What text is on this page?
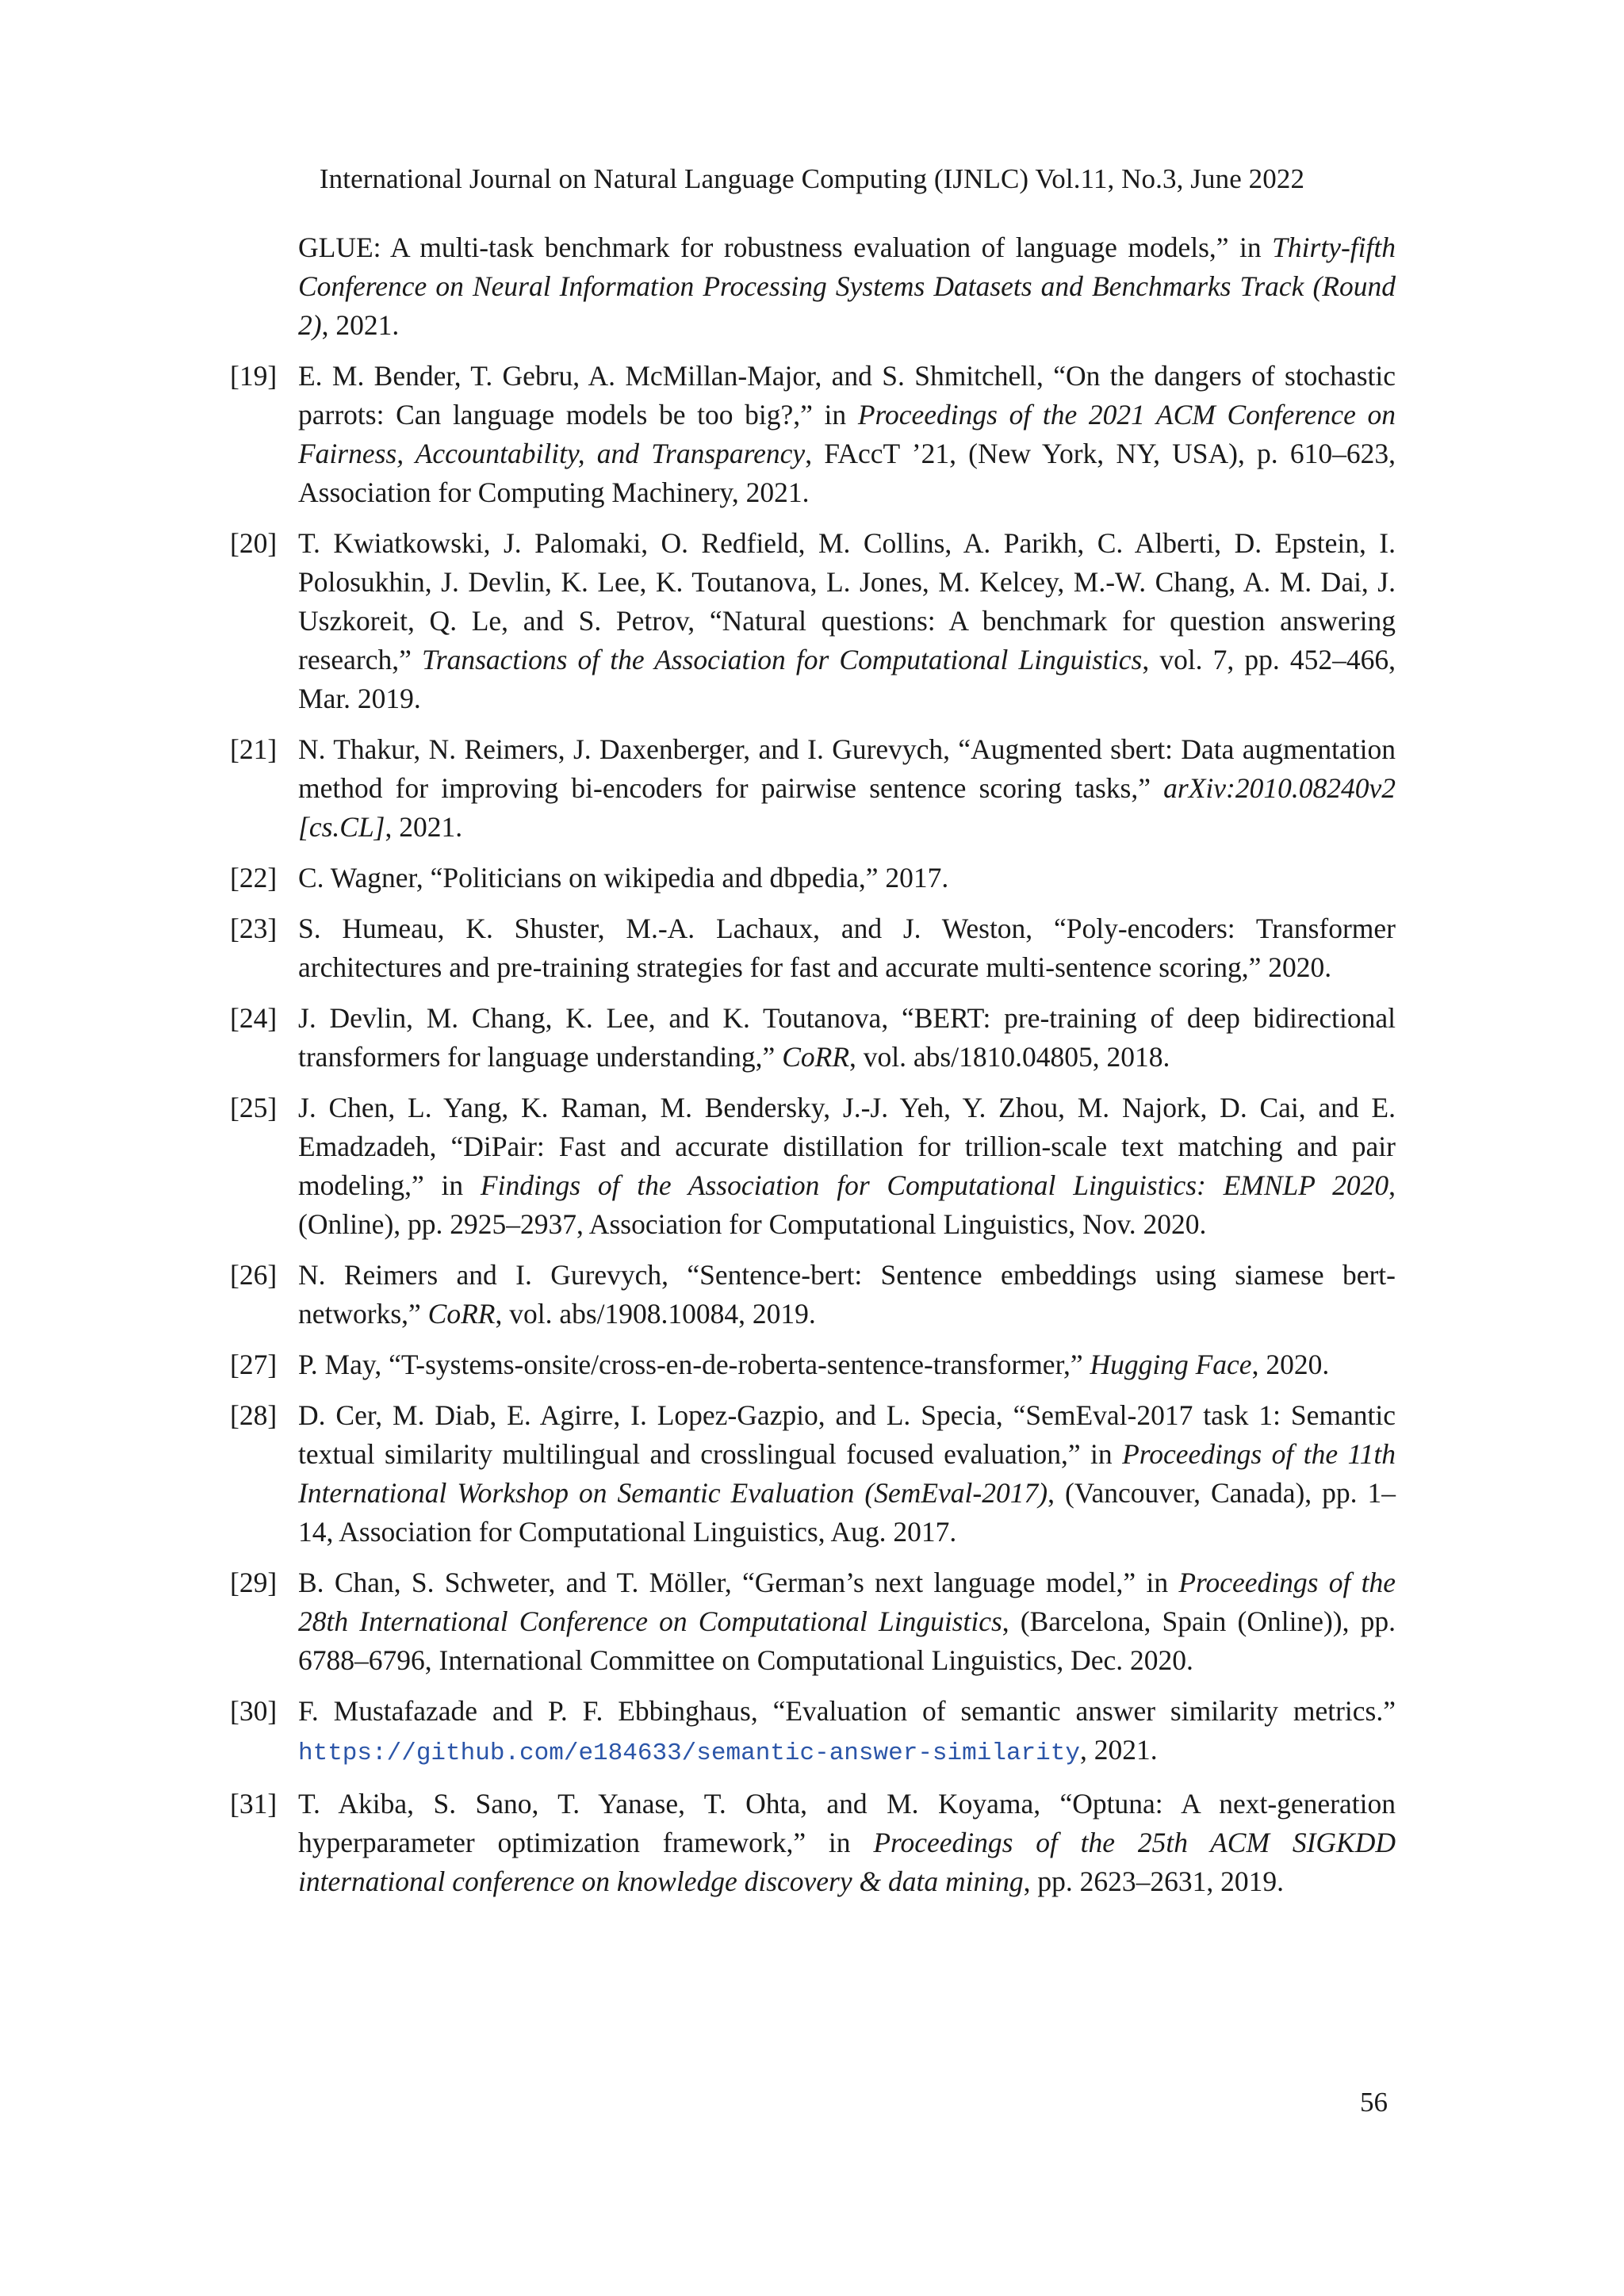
International Journal on Natural Language Computing (IJNLC) Vol.11, No.3, June 2022
GLUE: A multi-task benchmark for robustness evaluation of language models,” in Thirty-fifth Conference on Neural Information Processing Systems Datasets and Benchmarks Track (Round 2), 2021.
[19] E. M. Bender, T. Gebru, A. McMillan-Major, and S. Shmitchell, “On the dangers of stochastic parrots: Can language models be too big?,” in Proceedings of the 2021 ACM Conference on Fairness, Accountability, and Transparency, FAccT ’21, (New York, NY, USA), p. 610–623, Association for Computing Machinery, 2021.
[20] T. Kwiatkowski, J. Palomaki, O. Redfield, M. Collins, A. Parikh, C. Alberti, D. Epstein, I. Polosukhin, J. Devlin, K. Lee, K. Toutanova, L. Jones, M. Kelcey, M.-W. Chang, A. M. Dai, J. Uszkoreit, Q. Le, and S. Petrov, “Natural questions: A benchmark for question answering research,” Transactions of the Association for Computational Linguistics, vol. 7, pp. 452–466, Mar. 2019.
[21] N. Thakur, N. Reimers, J. Daxenberger, and I. Gurevych, “Augmented sbert: Data augmentation method for improving bi-encoders for pairwise sentence scoring tasks,” arXiv:2010.08240v2 [cs.CL], 2021.
[22] C. Wagner, “Politicians on wikipedia and dbpedia,” 2017.
[23] S. Humeau, K. Shuster, M.-A. Lachaux, and J. Weston, “Poly-encoders: Transformer architectures and pre-training strategies for fast and accurate multi-sentence scoring,” 2020.
[24] J. Devlin, M. Chang, K. Lee, and K. Toutanova, “BERT: pre-training of deep bidirectional transformers for language understanding,” CoRR, vol. abs/1810.04805, 2018.
[25] J. Chen, L. Yang, K. Raman, M. Bendersky, J.-J. Yeh, Y. Zhou, M. Najork, D. Cai, and E. Emadzadeh, “DiPair: Fast and accurate distillation for trillion-scale text matching and pair modeling,” in Findings of the Association for Computational Linguistics: EMNLP 2020, (Online), pp. 2925–2937, Association for Computational Linguistics, Nov. 2020.
[26] N. Reimers and I. Gurevych, “Sentence-bert: Sentence embeddings using siamese bert-networks,” CoRR, vol. abs/1908.10084, 2019.
[27] P. May, “T-systems-onsite/cross-en-de-roberta-sentence-transformer,” Hugging Face, 2020.
[28] D. Cer, M. Diab, E. Agirre, I. Lopez-Gazpio, and L. Specia, “SemEval-2017 task 1: Semantic textual similarity multilingual and crosslingual focused evaluation,” in Proceedings of the 11th International Workshop on Semantic Evaluation (SemEval-2017), (Vancouver, Canada), pp. 1–14, Association for Computational Linguistics, Aug. 2017.
[29] B. Chan, S. Schweter, and T. Möller, “German’s next language model,” in Proceedings of the 28th International Conference on Computational Linguistics, (Barcelona, Spain (Online)), pp. 6788–6796, International Committee on Computational Linguistics, Dec. 2020.
[30] F. Mustafazade and P. F. Ebbinghaus, “Evaluation of semantic answer similarity metrics.” https://github.com/e184633/semantic-answer-similarity, 2021.
[31] T. Akiba, S. Sano, T. Yanase, T. Ohta, and M. Koyama, “Optuna: A next-generation hyperparameter optimization framework,” in Proceedings of the 25th ACM SIGKDD international conference on knowledge discovery & data mining, pp. 2623–2631, 2019.
56
